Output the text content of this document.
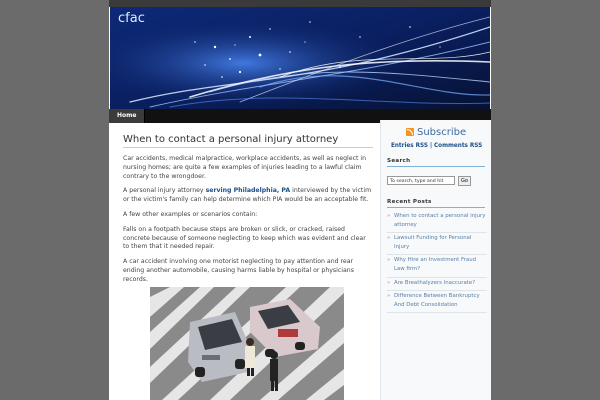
cfac
Home
When to contact a personal injury attorney

Car accidents, medical malpractice, workplace accidents, as well as neglect in nursing homes; are quite a few examples of injuries leading to a lawful claim contrary to the wrongdoer.

A personal injury attorney serving Philadelphia, PA interviewed by the victim or the victim's family can help determine which PIA would be an acceptable fit.

A few other examples or scenarios contain:

Falls on a footpath because steps are broken or slick, or cracked, raised concrete because of someone neglecting to keep which was evident and clear to them that it needed repair.

A car accident involving one motorist neglecting to pay attention and rear ending another automobile, causing harms liable by hospital or physicians records.

Subscribe
Entries RSS | Comments RSS
Search
To search, type and hit	Go
Recent Posts
» When to contact a personal injury attorney
» Lawsuit Funding for Personal Injury
» Why Hire an Investment Fraud Law firm?
» Are Breathalyzers Inaccurate?
» Difference Between Bankruptcy And Debt Consolidation
